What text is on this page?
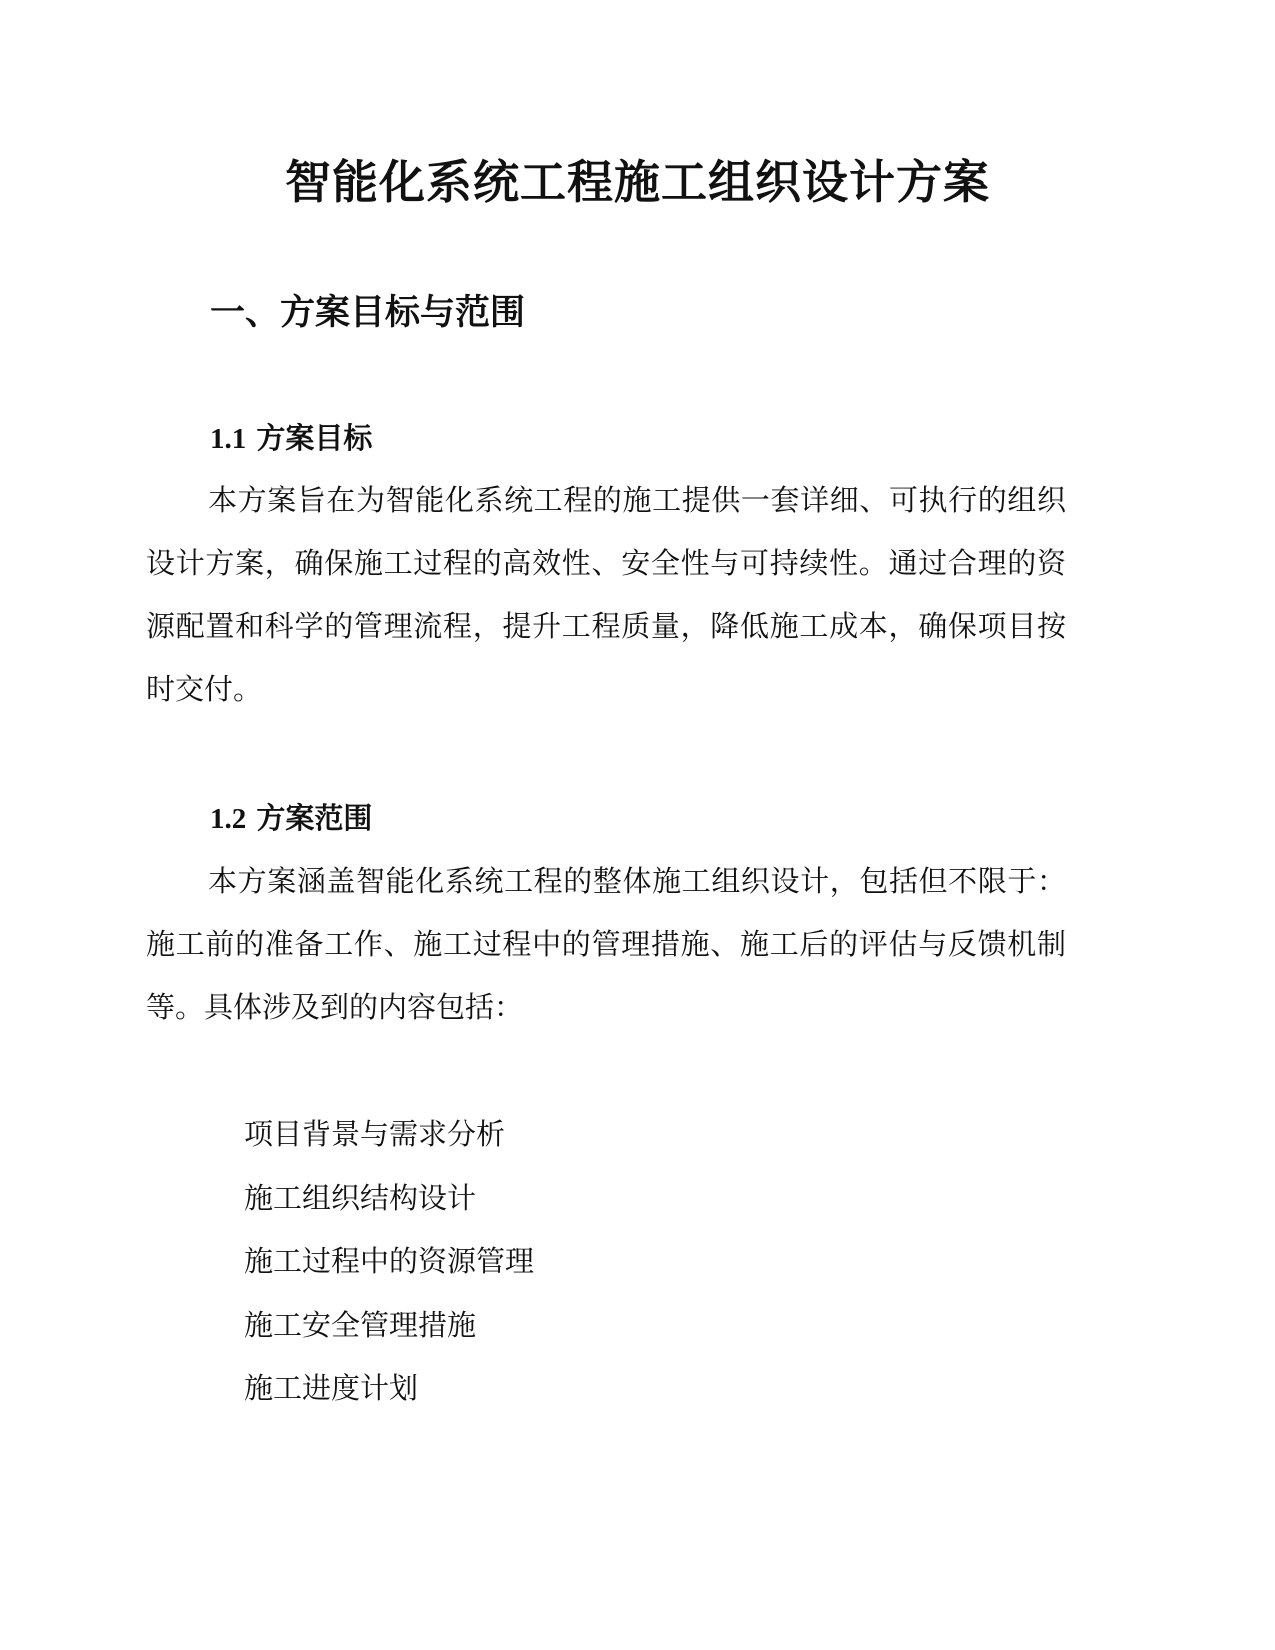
智能化系统工程施工组织设计方案
一、方案目标与范围
1.1 方案目标

本方案旨在为智能化系统工程的施工提供一套详细、可执行的组织设计方案，确保施工过程的高效性、安全性与可持续性。通过合理的资源配置和科学的管理流程，提升工程质量，降低施工成本，确保项目按时交付。

1.2 方案范围

本方案涵盖智能化系统工程的整体施工组织设计，包括但不限于：施工前的准备工作、施工过程中的管理措施、施工后的评估与反馈机制等。具体涉及到的内容包括：

项目背景与需求分析
施工组织结构设计
施工过程中的资源管理
施工安全管理措施
施工进度计划
